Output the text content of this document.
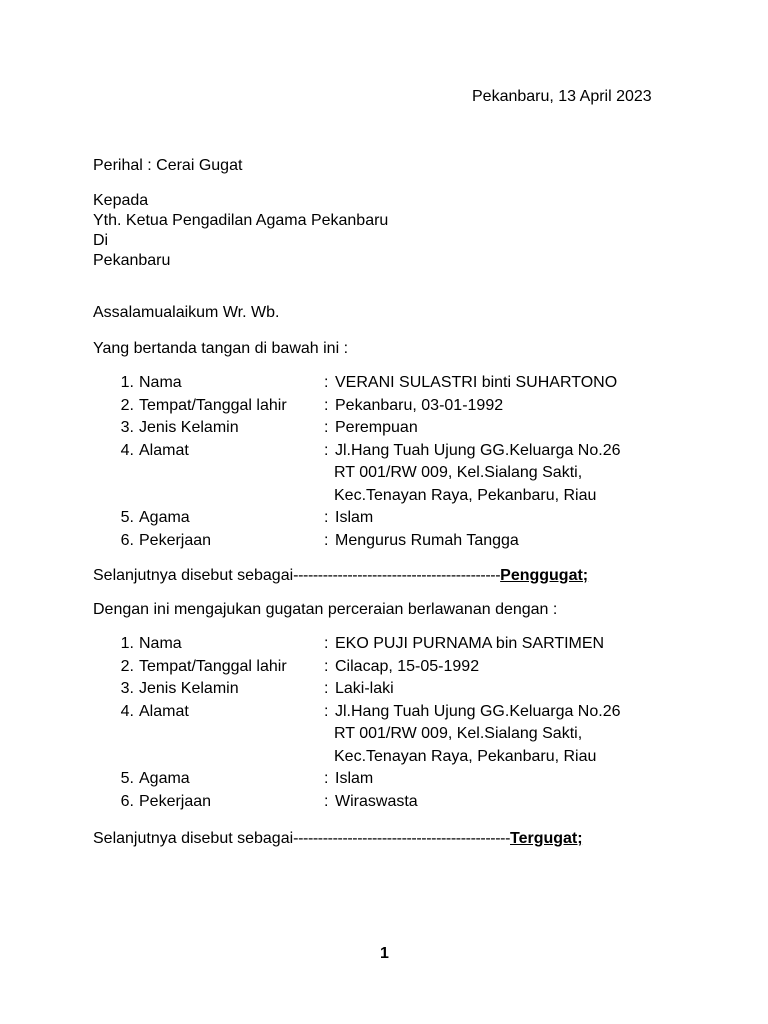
Pekanbaru, 13 April 2023
Perihal : Cerai Gugat
Kepada
Yth. Ketua Pengadilan Agama Pekanbaru
Di
Pekanbaru
Assalamualaikum Wr. Wb.
Yang bertanda tangan di bawah ini :
1. Nama	: VERANI SULASTRI binti SUHARTONO
2. Tempat/Tanggal lahir : Pekanbaru, 03-01-1992
3. Jenis Kelamin	: Perempuan
4. Alamat	: Jl.Hang Tuah Ujung GG.Keluarga No.26
RT 001/RW 009, Kel.Sialang Sakti,
Kec.Tenayan Raya, Pekanbaru, Riau
5. Agama	: Islam
6. Pekerjaan	: Mengurus Rumah Tangga
Selanjutnya disebut sebagai------------------------------------------Penggugat;
Dengan ini mengajukan gugatan perceraian berlawanan dengan :
1. Nama	: EKO PUJI PURNAMA bin SARTIMEN
2. Tempat/Tanggal lahir : Cilacap, 15-05-1992
3. Jenis Kelamin	: Laki-laki
4. Alamat	: Jl.Hang Tuah Ujung GG.Keluarga No.26
RT 001/RW 009, Kel.Sialang Sakti,
Kec.Tenayan Raya, Pekanbaru, Riau
5. Agama	: Islam
6. Pekerjaan	: Wiraswasta
Selanjutnya disebut sebagai--------------------------------------------Tergugat;
1
